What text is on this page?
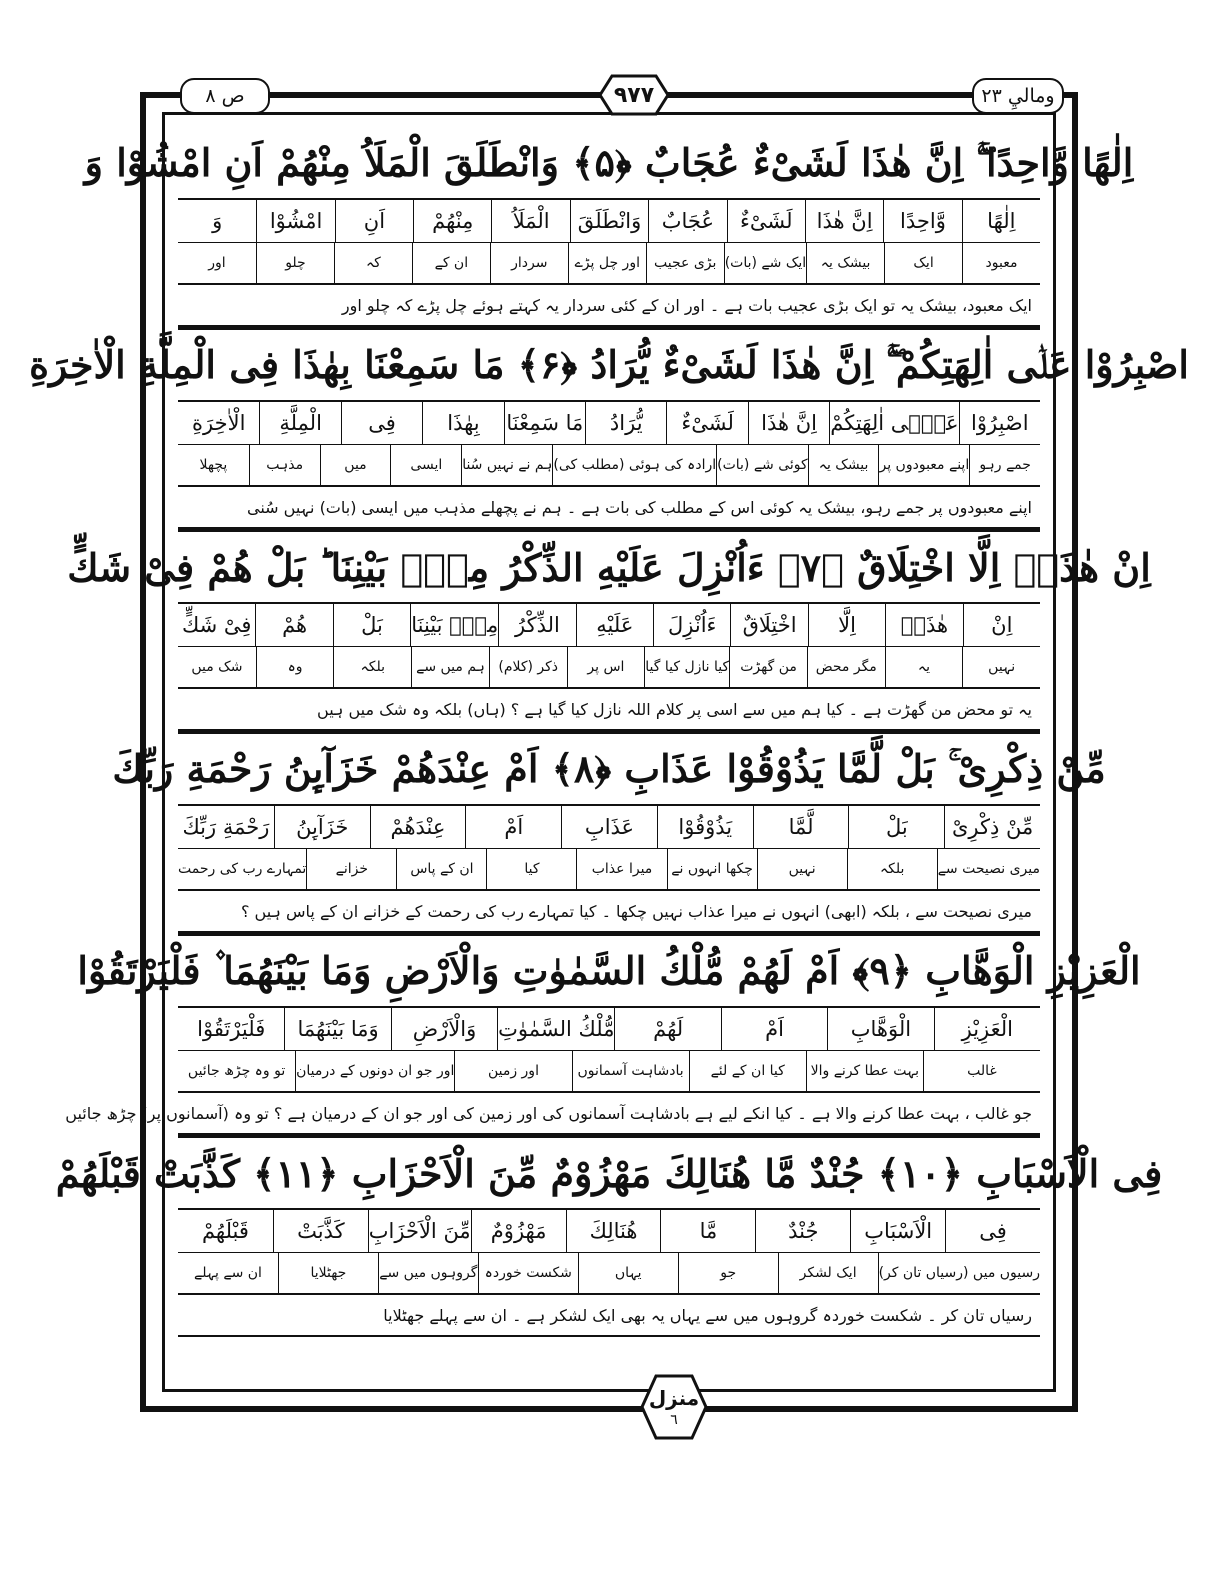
ص ۸	۹۷۷	وماليِ ۲۳
اِلٰهًا وَّاحِدًا ۖۚ اِنَّ هٰذَا لَشَیْءٌ عُجَابٌ ﴿۵﴾ وَانْطَلَقَ الْمَلَاُ مِنْهُمْ اَنِ امْشُوْا وَ
اِلٰهًا
وَّاحِدًا
اِنَّ هٰذَا
لَشَیْءٌ
عُجَابٌ
وَانْطَلَقَ
الْمَلَاُ
مِنْهُمْ
اَنِ
امْشُوْا
وَ
معبود
ایک
بیشک یہ
ایک شے (بات)
بڑی عجیب
اور چل پڑے
سردار
ان کے
کہ
چلو
اور
ایک معبود، بیشک یہ تو ایک بڑی عجیب بات ہے ۔ اور ان کے کئی سردار یہ کہتے ہوئے چل پڑے کہ چلو اور
اصْبِرُوْا عَلٰۤى اٰلِهَتِكُمْ ۖۚ اِنَّ هٰذَا لَشَیْءٌ یُّرَادُ ﴿۶﴾ مَا سَمِعْنَا بِهٰذَا فِی الْمِلَّةِ الْاٰخِرَةِ
اصْبِرُوْا
عَلٰۤى اٰلِهَتِكُمْ
اِنَّ هٰذَا
لَشَیْءٌ
یُّرَادُ
مَا سَمِعْنَا
بِهٰذَا
فِی
الْمِلَّةِ
الْاٰخِرَةِ
جمے رہو
اپنے معبودوں پر
بیشک یہ
کوئی شے (بات)
ارادہ کی ہوئی (مطلب کی)
ہم نے نہیں سُنا
ایسی
میں
مذہب
پچھلا
اپنے معبودوں پر جمے رہو، بیشک یہ کوئی اس کے مطلب کی بات ہے ۔ ہم نے پچھلے مذہب میں ایسی (بات) نہیں سُنی
اِنْ هٰذَاۤ اِلَّا اخْتِلَاقٌ ﴿۷﴾ ءَاُنْزِلَ عَلَیْهِ الذِّكْرُ مِنْۢ بَیْنِنَا ؕ بَلْ هُمْ فِیْ شَكٍّ
اِنْ
هٰذَاۤ
اِلَّا
اخْتِلَاقٌ
ءَاُنْزِلَ
عَلَیْهِ
الذِّكْرُ
مِنْۢ بَیْنِنَا
بَلْ
هُمْ
فِیْ شَكٍّ
نہیں
یہ
مگر محض
من گھڑت
کیا نازل کیا گیا
اس پر
ذکر (کلام)
ہم میں سے
بلکہ
وہ
شک میں
یہ تو محض من گھڑت ہے ۔ کیا ہم میں سے اسی پر کلام اللہ نازل کیا گیا ہے ؟ (ہاں) بلکہ وہ شک میں ہیں
مِّنْ ذِكْرِیْ ۚ بَلْ لَّمَّا یَذُوْقُوْا عَذَابِ ﴿۸﴾ اَمْ عِنْدَهُمْ خَزَآىِٕنُ رَحْمَةِ رَبِّكَ
مِّنْ ذِكْرِیْ
بَلْ
لَّمَّا
یَذُوْقُوْا
عَذَابِ
اَمْ
عِنْدَهُمْ
خَزَآىِٕنُ
رَحْمَةِ رَبِّكَ
میری نصیحت سے
بلکہ
نہیں
چکھا انہوں نے
میرا عذاب
کیا
ان کے پاس
خزانے
تمہارے رب کی رحمت
میری نصیحت سے ، بلکہ (ابھی) انہوں نے میرا عذاب نہیں چکھا ۔ کیا تمہارے رب کی رحمت کے خزانے ان کے پاس ہیں ؟
الْعَزِیْزِ الْوَهَّابِ ﴿۹﴾ اَمْ لَهُمْ مُّلْكُ السَّمٰوٰتِ وَالْاَرْضِ وَمَا بَیْنَهُمَا ۫ فَلْیَرْتَقُوْا
الْعَزِیْزِ
الْوَهَّابِ
اَمْ
لَهُمْ
مُّلْكُ السَّمٰوٰتِ
وَالْاَرْضِ
وَمَا بَیْنَهُمَا
فَلْیَرْتَقُوْا
غالب
بہت عطا کرنے والا
کیا ان کے لئے
بادشاہت آسمانوں
اور زمین
اور جو ان دونوں کے درمیان
تو وہ چڑھ جائیں
جو غالب ، بہت عطا کرنے والا ہے ۔ کیا انکے لیے ہے بادشاہت آسمانوں کی اور زمین کی اور جو ان کے درمیان ہے ؟ تو وہ (آسمانوں پر) چڑھ جائیں
فِی الْاَسْبَابِ ﴿۱۰﴾ جُنْدٌ مَّا هُنَالِكَ مَهْزُوْمٌ مِّنَ الْاَحْزَابِ ﴿۱۱﴾ كَذَّبَتْ قَبْلَهُمْ
فِی
الْاَسْبَابِ
جُنْدٌ
مَّا
هُنَالِكَ
مَهْزُوْمٌ
مِّنَ الْاَحْزَابِ
كَذَّبَتْ
قَبْلَهُمْ
رسیوں میں (رسیاں تان کر)
ایک لشکر
جو
یہاں
شکست خوردہ
گروہوں میں سے
جھٹلایا
ان سے پہلے
رسیاں تان کر ۔ شکست خوردہ گروہوں میں سے یہاں یہ بھی ایک لشکر ہے ۔ ان سے پہلے جھٹلایا
منزل
٦
